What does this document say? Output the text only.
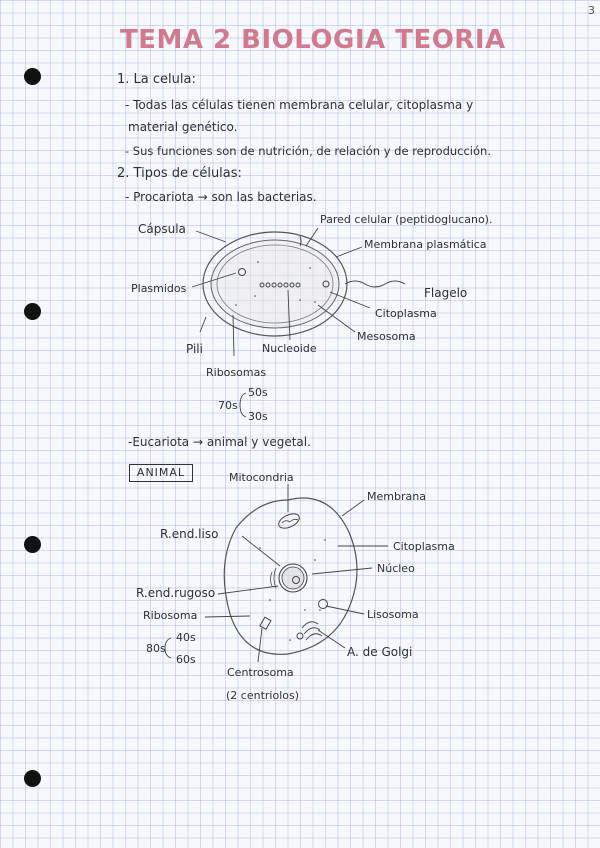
3
TEMA 2 BIOLOGIA TEORIA
1. La celula:
- Todas las células tienen membrana celular, citoplasma y
material genético.
- Sus funciones son de nutrición, de relación y de reproducción.
2. Tipos de células:
- Procariota → son las bacterias.
Cápsula
Pared celular (peptidoglucano).
Membrana plasmática
Plasmidos	Flagelo
Citoplasma
Mesosoma
Pili	Nucleoide
Ribosomas
70s
50s
30s
-Eucariota → animal y vegetal.
ANIMAL	Mitocondria
Membrana
R.end.liso
Citoplasma
Núcleo
R.end.rugoso
Ribosoma	Lisosoma
80s
40s
60s
A. de Golgi
Centrosoma
(2 centriolos)
